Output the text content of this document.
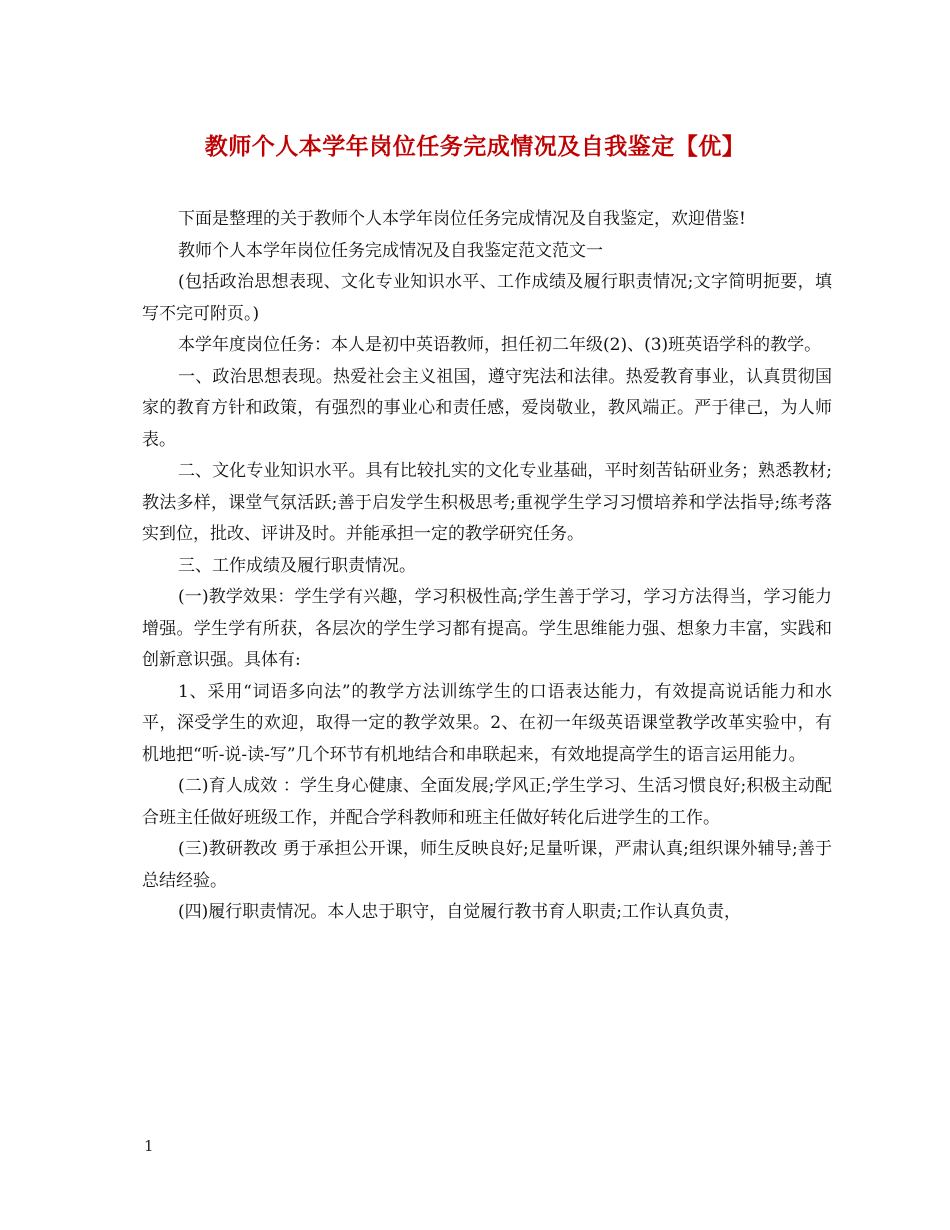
教师个人本学年岗位任务完成情况及自我鉴定【优】

下面是整理的关于教师个人本学年岗位任务完成情况及自我鉴定，欢迎借鉴!

教师个人本学年岗位任务完成情况及自我鉴定范文范文一

(包括政治思想表现、文化专业知识水平、工作成绩及履行职责情况;文字简明扼要，填写不完可附页。)

本学年度岗位任务：本人是初中英语教师，担任初二年级(2)、(3)班英语学科的教学。

一、政治思想表现。热爱社会主义祖国，遵守宪法和法律。热爱教育事业，认真贯彻国家的教育方针和政策，有强烈的事业心和责任感，爱岗敬业，教风端正。严于律己，为人师表。

二、文化专业知识水平。具有比较扎实的文化专业基础，平时刻苦钻研业务；熟悉教材;教法多样，课堂气氛活跃;善于启发学生积极思考;重视学生学习习惯培养和学法指导;练考落实到位，批改、评讲及时。并能承担一定的教学研究任务。

三、工作成绩及履行职责情况。

(一)教学效果：学生学有兴趣，学习积极性高;学生善于学习，学习方法得当，学习能力增强。学生学有所获，各层次的学生学习都有提高。学生思维能力强、想象力丰富，实践和创新意识强。具体有:

1、采用“词语多向法”的教学方法训练学生的口语表达能力，有效提高说话能力和水平，深受学生的欢迎，取得一定的教学效果。2、在初一年级英语课堂教学改革实验中，有机地把“听-说-读-写”几个环节有机地结合和串联起来，有效地提高学生的语言运用能力。

(二)育人成效 ：学生身心健康、全面发展;学风正;学生学习、生活习惯良好;积极主动配合班主任做好班级工作，并配合学科教师和班主任做好转化后进学生的工作。

(三)教研教改 勇于承担公开课，师生反映良好;足量听课，严肃认真;组织课外辅导;善于总结经验。

(四)履行职责情况。本人忠于职守，自觉履行教书育人职责;工作认真负责，

1
